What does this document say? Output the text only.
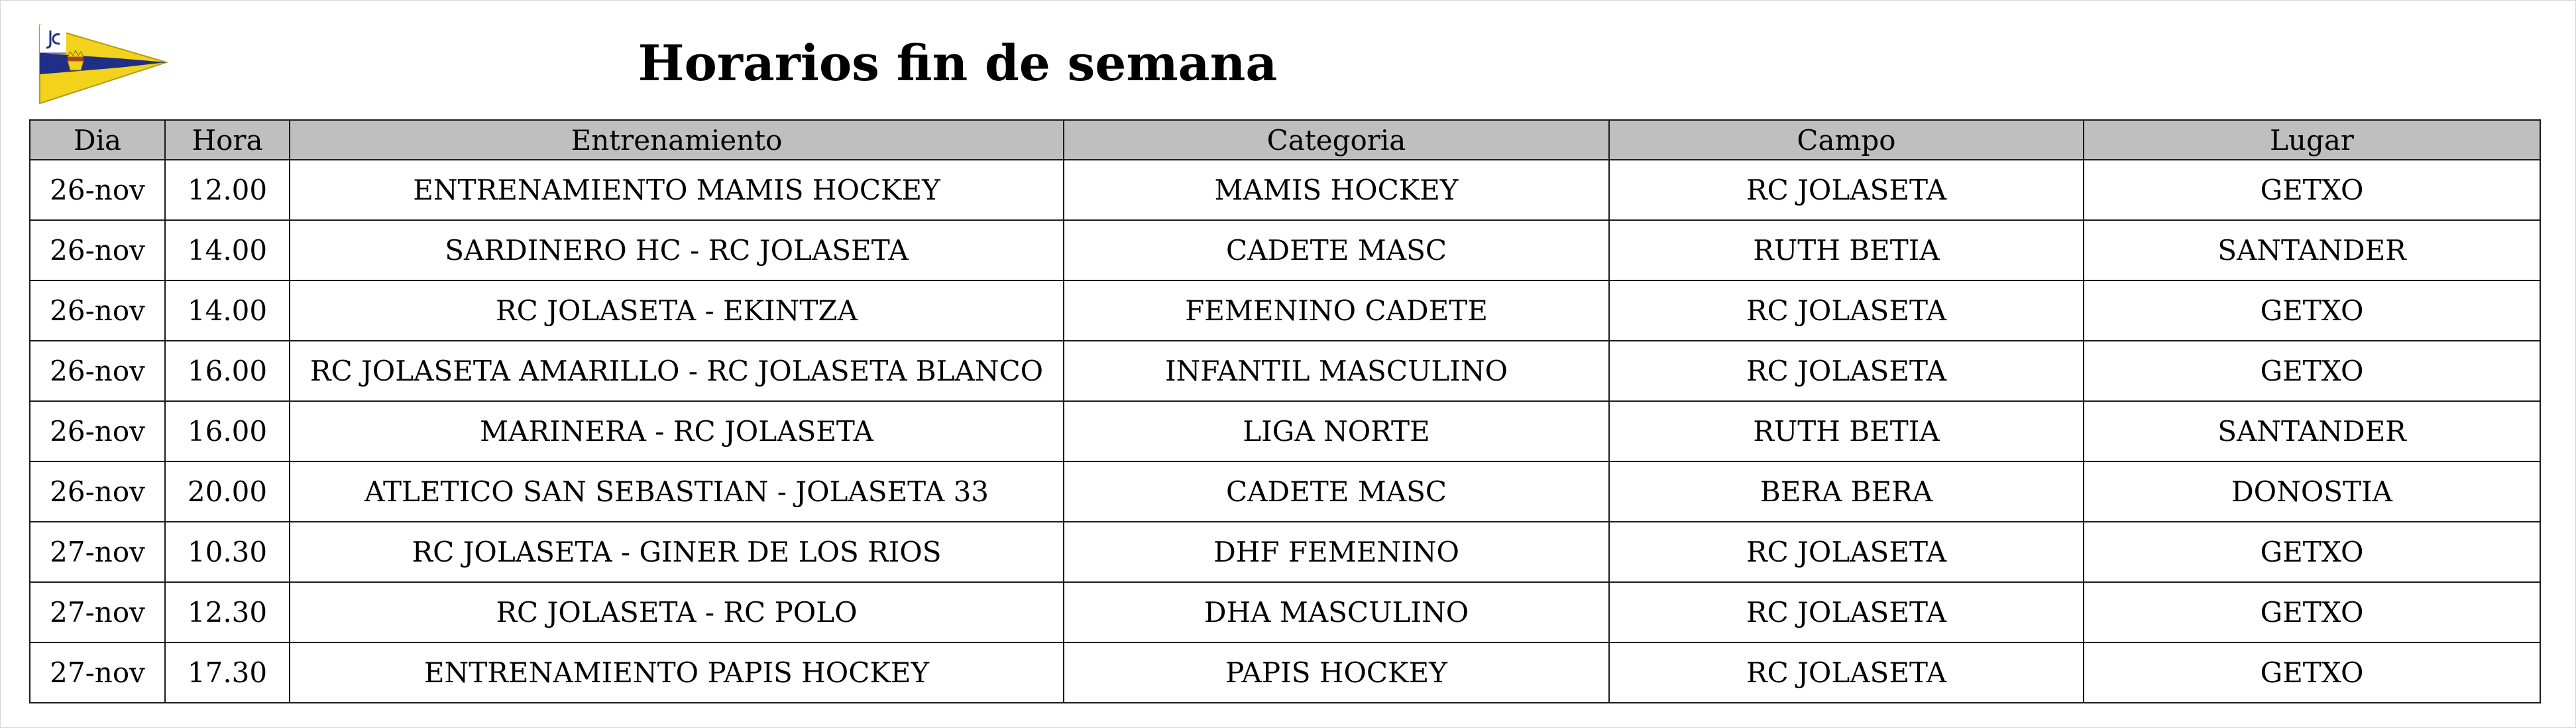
Horarios fin de semana
Dia	Hora	Entrenamiento	Categoria	Campo	Lugar
26-nov	12.00	ENTRENAMIENTO MAMIS HOCKEY	MAMIS HOCKEY	RC JOLASETA	GETXO
26-nov	14.00	SARDINERO HC - RC JOLASETA	CADETE MASC	RUTH BETIA	SANTANDER
26-nov	14.00	RC JOLASETA - EKINTZA	FEMENINO CADETE	RC JOLASETA	GETXO
26-nov	16.00	RC JOLASETA AMARILLO - RC JOLASETA BLANCO	INFANTIL MASCULINO	RC JOLASETA	GETXO
26-nov	16.00	MARINERA - RC JOLASETA	LIGA NORTE	RUTH BETIA	SANTANDER
26-nov	20.00	ATLETICO SAN SEBASTIAN - JOLASETA 33	CADETE MASC	BERA BERA	DONOSTIA
27-nov	10.30	RC JOLASETA - GINER DE LOS RIOS	DHF FEMENINO	RC JOLASETA	GETXO
27-nov	12.30	RC JOLASETA - RC POLO	DHA MASCULINO	RC JOLASETA	GETXO
27-nov	17.30	ENTRENAMIENTO PAPIS HOCKEY	PAPIS HOCKEY	RC JOLASETA	GETXO
